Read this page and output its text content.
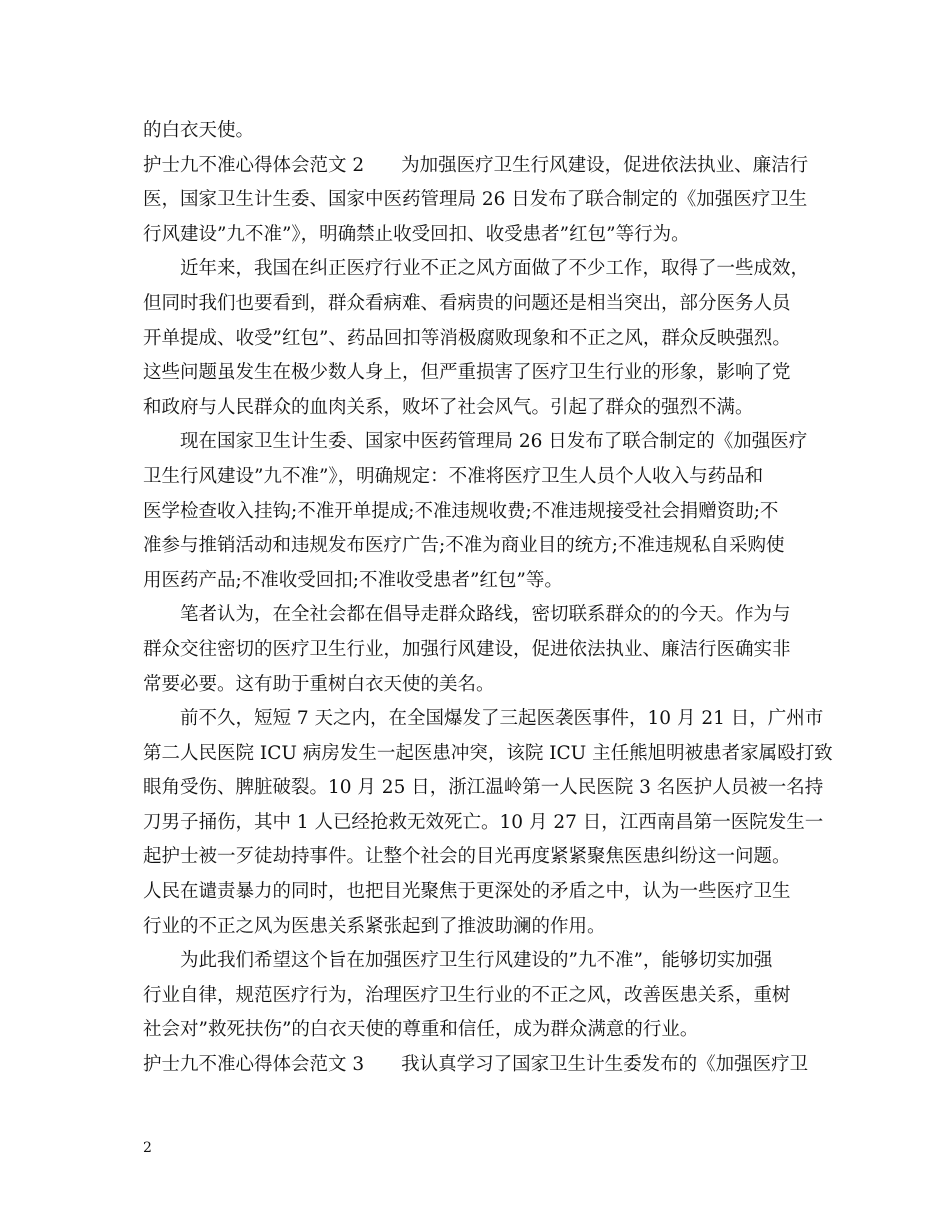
的白衣天使。
护士九不准心得体会范文 2　　为加强医疗卫生行风建设，促进依法执业、廉洁行
医，国家卫生计生委、国家中医药管理局 26 日发布了联合制定的《加强医疗卫生
行风建设”九不准”》，明确禁止收受回扣、收受患者”红包”等行为。
　　近年来，我国在纠正医疗行业不正之风方面做了不少工作，取得了一些成效，
但同时我们也要看到，群众看病难、看病贵的问题还是相当突出，部分医务人员
开单提成、收受”红包”、药品回扣等消极腐败现象和不正之风，群众反映强烈。
这些问题虽发生在极少数人身上，但严重损害了医疗卫生行业的形象，影响了党
和政府与人民群众的血肉关系，败坏了社会风气。引起了群众的强烈不满。
　　现在国家卫生计生委、国家中医药管理局 26 日发布了联合制定的《加强医疗
卫生行风建设”九不准”》，明确规定：不准将医疗卫生人员个人收入与药品和
医学检查收入挂钩;不准开单提成;不准违规收费;不准违规接受社会捐赠资助;不
准参与推销活动和违规发布医疗广告;不准为商业目的统方;不准违规私自采购使
用医药产品;不准收受回扣;不准收受患者”红包”等。
　　笔者认为，在全社会都在倡导走群众路线，密切联系群众的的今天。作为与
群众交往密切的医疗卫生行业，加强行风建设，促进依法执业、廉洁行医确实非
常要必要。这有助于重树白衣天使的美名。
　　前不久，短短 7 天之内，在全国爆发了三起医袭医事件，10 月 21 日，广州市
第二人民医院 ICU 病房发生一起医患冲突，该院 ICU 主任熊旭明被患者家属殴打致
眼角受伤、脾脏破裂。10 月 25 日，浙江温岭第一人民医院 3 名医护人员被一名持
刀男子捅伤，其中 1 人已经抢救无效死亡。10 月 27 日，江西南昌第一医院发生一
起护士被一歹徒劫持事件。让整个社会的目光再度紧紧聚焦医患纠纷这一问题。
人民在谴责暴力的同时，也把目光聚焦于更深处的矛盾之中，认为一些医疗卫生
行业的不正之风为医患关系紧张起到了推波助澜的作用。
　　为此我们希望这个旨在加强医疗卫生行风建设的”九不准”，能够切实加强
行业自律，规范医疗行为，治理医疗卫生行业的不正之风，改善医患关系，重树
社会对”救死扶伤”的白衣天使的尊重和信任，成为群众满意的行业。
护士九不准心得体会范文 3　　我认真学习了国家卫生计生委发布的《加强医疗卫
2
